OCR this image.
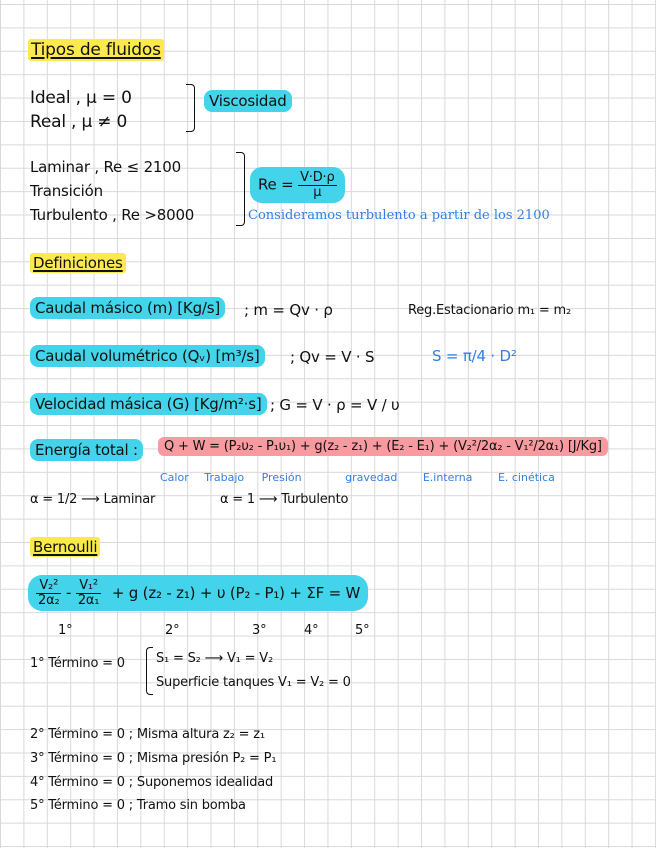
Tipos de fluidos
Ideal , μ = 0
Real , μ ≠ 0
Viscosidad
Laminar , Re ≤ 2100
Transición
Turbulento , Re >8000
$Re = \frac{V\cdot D\cdot\rho}{\mu}$
Consideramos turbulento a partir de los 2100
Definiciones
Caudal másico (m) [Kg/s]	; m = Qv · ρ	Reg.Estacionario m₁ = m₂
Caudal volumétrico (Qᵥ) [m³/s]	; Qv = V · S	S = π/4 · D²
Velocidad másica (G) [Kg/m²·s] ; G = V · ρ = V / υ
Energía total :	Q + W = (P₂υ₂ - P₁υ₁) + g(z₂ - z₁) + (E₂ - E₁) + (V₂²/2α₂ - V₁²/2α₁) [J/Kg]
Calor Trabajo Presión	gravedad E.interna E. cinética
α = 1/2 ⟶ Laminar	α = 1 ⟶ Turbulento
Bernoulli
$\frac{\text{V₂²}}{\text{2α₂}} - \frac{\text{V₁²}}{\text{2α₁}} + g$ (z₂ - z₁) + υ (P₂ - P₁) + ΣF = W
1°	2°	3°	4°	5°
1° Término = 0 S₁ = S₂ ⟶ V₁ = V₂
Superficie tanques V₁ = V₂ = 0
2° Término = 0 ; Misma altura z₂ = z₁
3° Término = 0 ; Misma presión P₂ = P₁
4° Término = 0 ; Suponemos idealidad
5° Término = 0 ; Tramo sin bomba
